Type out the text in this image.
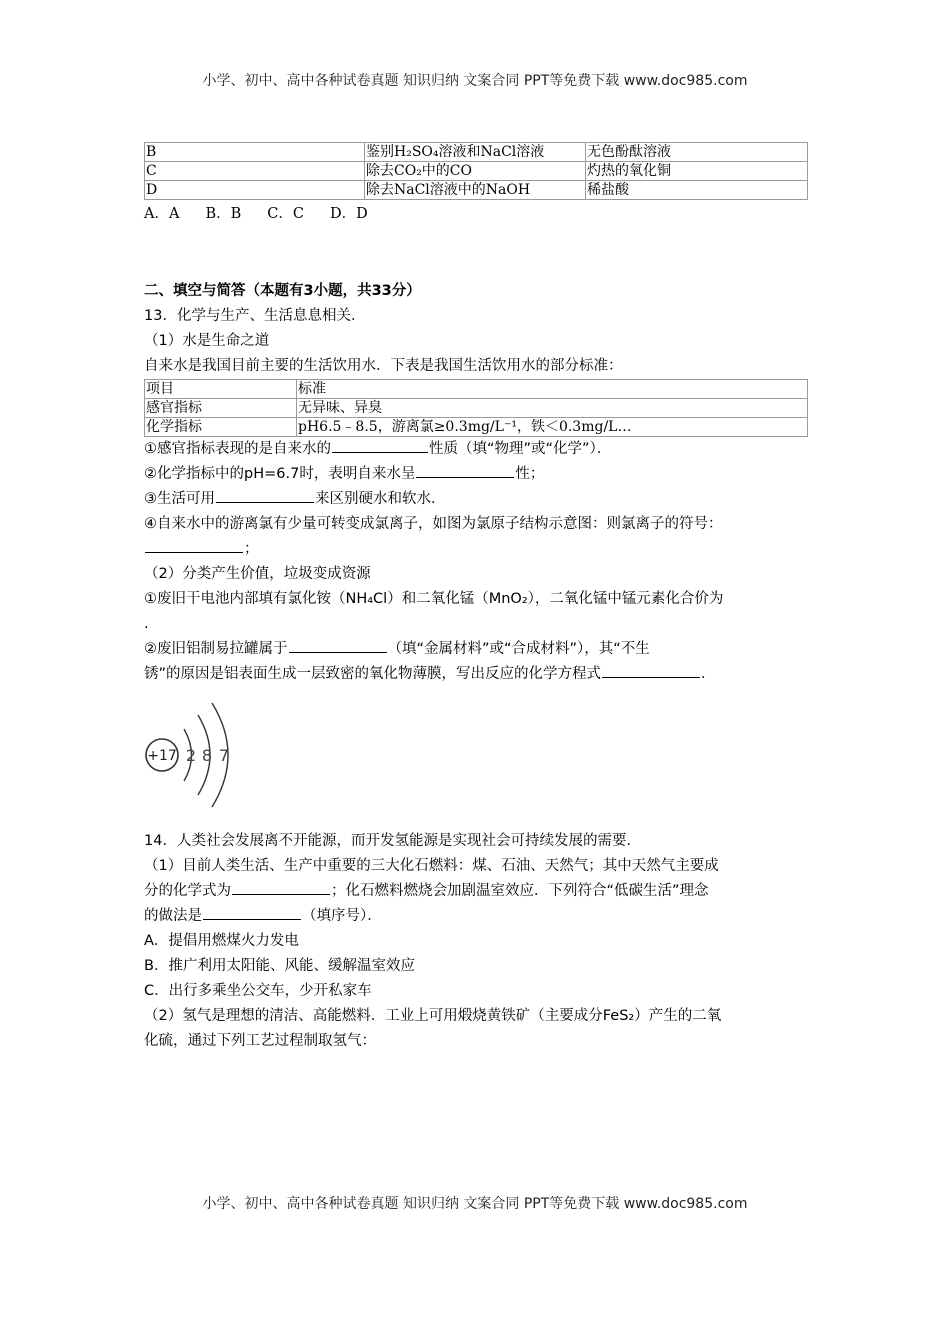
小学、初中、高中各种试卷真题 知识归纳 文案合同 PPT等免费下载 www.doc985.com
B	鉴别H₂SO₄溶液和NaCl溶液	无色酚酞溶液
C	除去CO₂中的CO	灼热的氧化铜
D	除去NaCl溶液中的NaOH	稀盐酸
A．A B．B C．C D．D
二、填空与简答（本题有3小题，共33分）
13．化学与生产、生活息息相关．
（1）水是生命之道
自来水是我国目前主要的生活饮用水．下表是我国生活饮用水的部分标准：
项目	标准
感官指标	无异味、异臭
化学指标	pH6.5﹣8.5，游离氯≥0.3mg/L⁻¹，铁＜0.3mg/L…
①感官指标表现的是自来水的	性质（填“物理”或“化学”）．
②化学指标中的pH=6.7时，表明自来水呈	性；
③生活可用	来区别硬水和软水．
④自来水中的游离氯有少量可转变成氯离子，如图为氯原子结构示意图：则氯离子的符号：
；
（2）分类产生价值，垃圾变成资源
①废旧干电池内部填有氯化铵（NH₄Cl）和二氧化锰（MnO₂），二氧化锰中锰元素化合价为
.
②废旧铝制易拉罐属于	（填“金属材料”或“合成材料”），其“不生
锈”的原因是铝表面生成一层致密的氧化物薄膜，写出反应的化学方程式	．
+17 2 8 7
14．人类社会发展离不开能源，而开发氢能源是实现社会可持续发展的需要．
（1）目前人类生活、生产中重要的三大化石燃料：煤、石油、天然气；其中天然气主要成
分的化学式为	；化石燃料燃烧会加剧温室效应．下列符合“低碳生活”理念
的做法是	（填序号）．
A．提倡用燃煤火力发电
B．推广利用太阳能、风能、缓解温室效应
C．出行多乘坐公交车，少开私家车
（2）氢气是理想的清洁、高能燃料．工业上可用煅烧黄铁矿（主要成分FeS₂）产生的二氧
化硫，通过下列工艺过程制取氢气：
小学、初中、高中各种试卷真题 知识归纳 文案合同 PPT等免费下载 www.doc985.com
